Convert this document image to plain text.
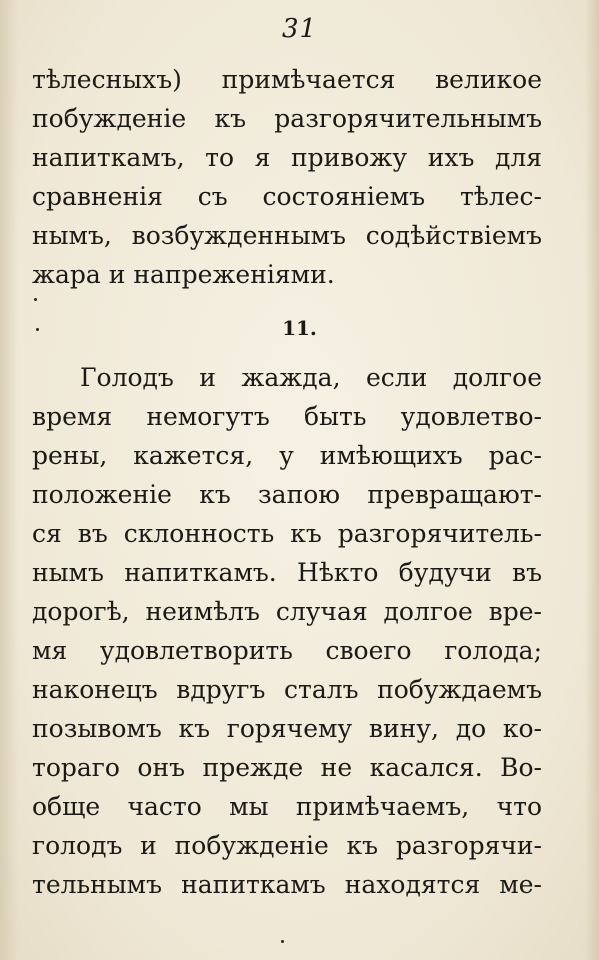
31
тѣлесныхъ) примѣчается великое
побужденіе къ разгорячительнымъ
напиткамъ, то я привожу ихъ для
сравненія съ состояніемъ тѣлес-
нымъ, возбужденнымъ содѣйствіемъ
жара и напреженіями.
11.
Голодъ и жажда, если долгое
время немогутъ быть удовлетво-
рены, кажется, у имѣющихъ рас-
положеніе къ запою превращают-
ся въ склонность къ разгорячитель-
нымъ напиткамъ. Нѣкто будучи въ
дорогѣ, неимѣлъ случая долгое вре-
мя удовлетворить своего голода;
наконецъ вдругъ сталъ побуждаемъ
позывомъ къ горячему вину, до ко-
тораго онъ прежде не касался. Во-
обще часто мы примѣчаемъ, что
голодъ и побужденіе къ разгорячи-
тельнымъ напиткамъ находятся ме-
